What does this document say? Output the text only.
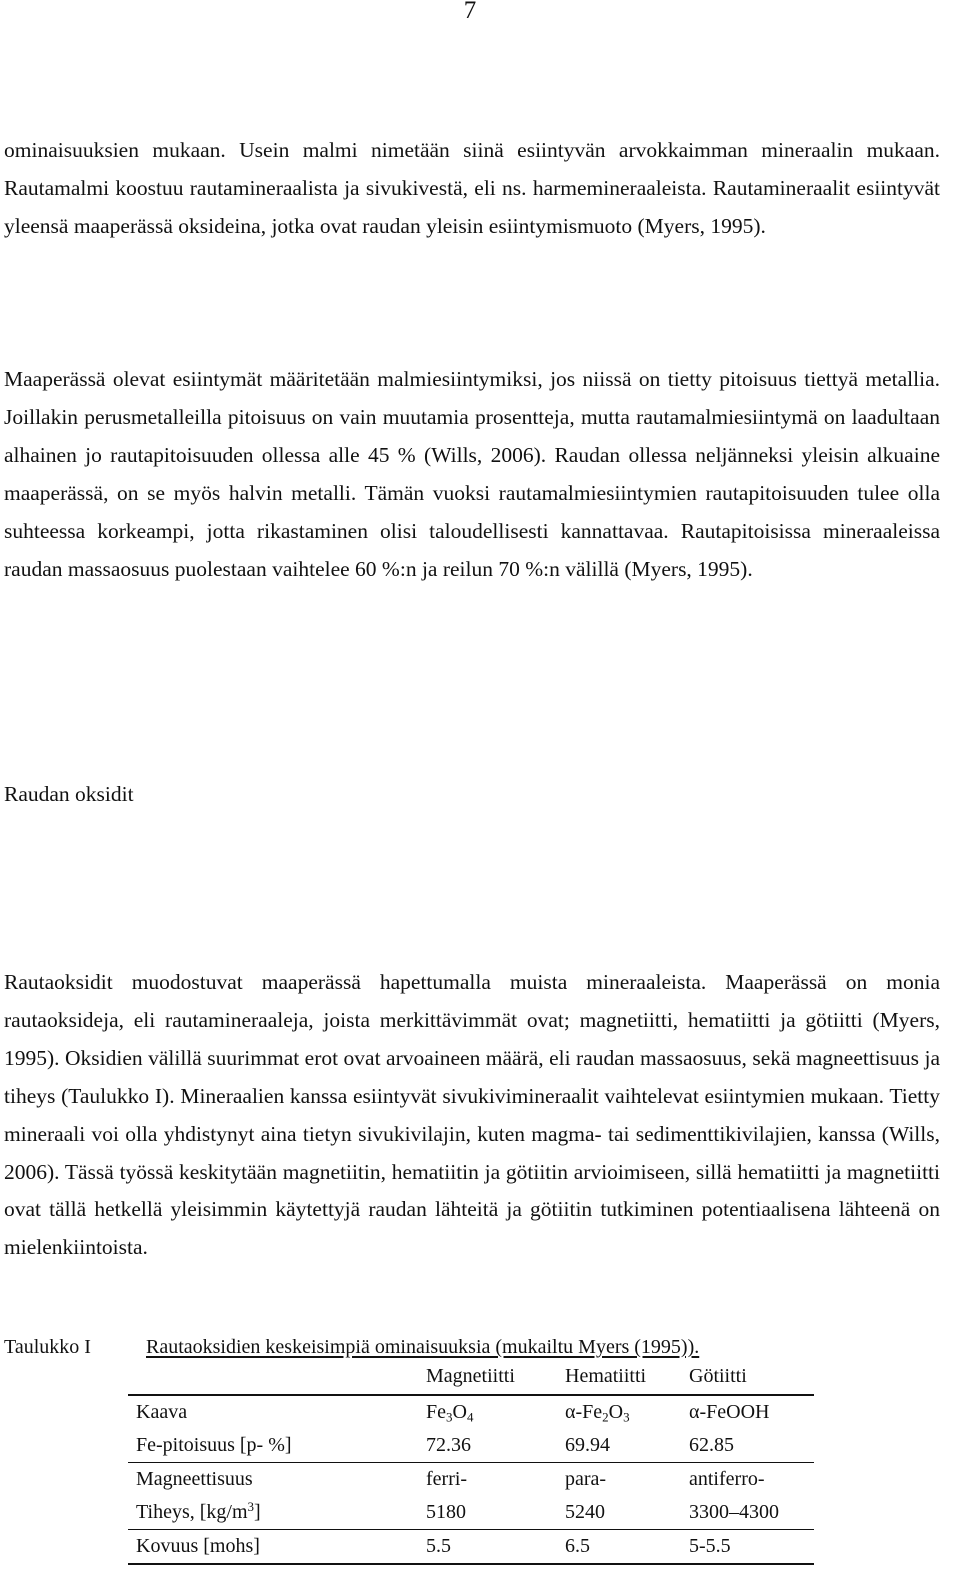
7

ominaisuuksien mukaan. Usein malmi nimetään siinä esiintyvän arvokkaimman mineraalin mukaan. Rautamalmi koostuu rautamineraalista ja sivukivestä, eli ns. harmemineraaleista. Rautamineraalit esiintyvät yleensä maaperässä oksideina, jotka ovat raudan yleisin esiintymismuoto (Myers, 1995).

Maaperässä olevat esiintymät määritetään malmiesiintymiksi, jos niissä on tietty pitoisuus tiettyä metallia. Joillakin perusmetalleilla pitoisuus on vain muutamia prosentteja, mutta rautamalmiesiintymä on laadultaan alhainen jo rautapitoisuuden ollessa alle 45 % (Wills, 2006). Raudan ollessa neljänneksi yleisin alkuaine maaperässä, on se myös halvin metalli. Tämän vuoksi rautamalmiesiintymien rautapitoisuuden tulee olla suhteessa korkeampi, jotta rikastaminen olisi taloudellisesti kannattavaa. Rautapitoisissa mineraaleissa raudan massaosuus puolestaan vaihtelee 60 %:n ja reilun 70 %:n välillä (Myers, 1995).

Raudan oksidit

Rautaoksidit muodostuvat maaperässä hapettumalla muista mineraaleista. Maaperässä on monia rautaoksideja, eli rautamineraaleja, joista merkittävimmät ovat; magnetiitti, hematiitti ja götiitti (Myers, 1995). Oksidien välillä suurimmat erot ovat arvoaineen määrä, eli raudan massaosuus, sekä magneettisuus ja tiheys (Taulukko I). Mineraalien kanssa esiintyvät sivukivimineraalit vaihtelevat esiintymien mukaan. Tietty mineraali voi olla yhdistynyt aina tietyn sivukivilajin, kuten magma- tai sedimenttikivilajien, kanssa (Wills, 2006). Tässä työssä keskitytään magnetiitin, hematiitin ja götiitin arvioimiseen, sillä hematiitti ja magnetiitti ovat tällä hetkellä yleisimmin käytettyjä raudan lähteitä ja götiitin tutkiminen potentiaalisena lähteenä on mielenkiintoista.

Taulukko I	Rautaoksidien keskeisimpiä ominaisuuksia (mukailtu Myers (1995)).
	Magnetiitti	Hematiitti	Götiitti
Kaava	$Fe_3O_4$	$\alpha-Fe_2O_3$	α-FeOOH
Fe-pitoisuus [p- %]	72.36	69.94	62.85
Magneettisuus	ferri-	para-	antiferro-
Tiheys, $[kg/m^3]$	5180	5240	3300–4300
Kovuus [mohs]	5.5	6.5	5-5.5
